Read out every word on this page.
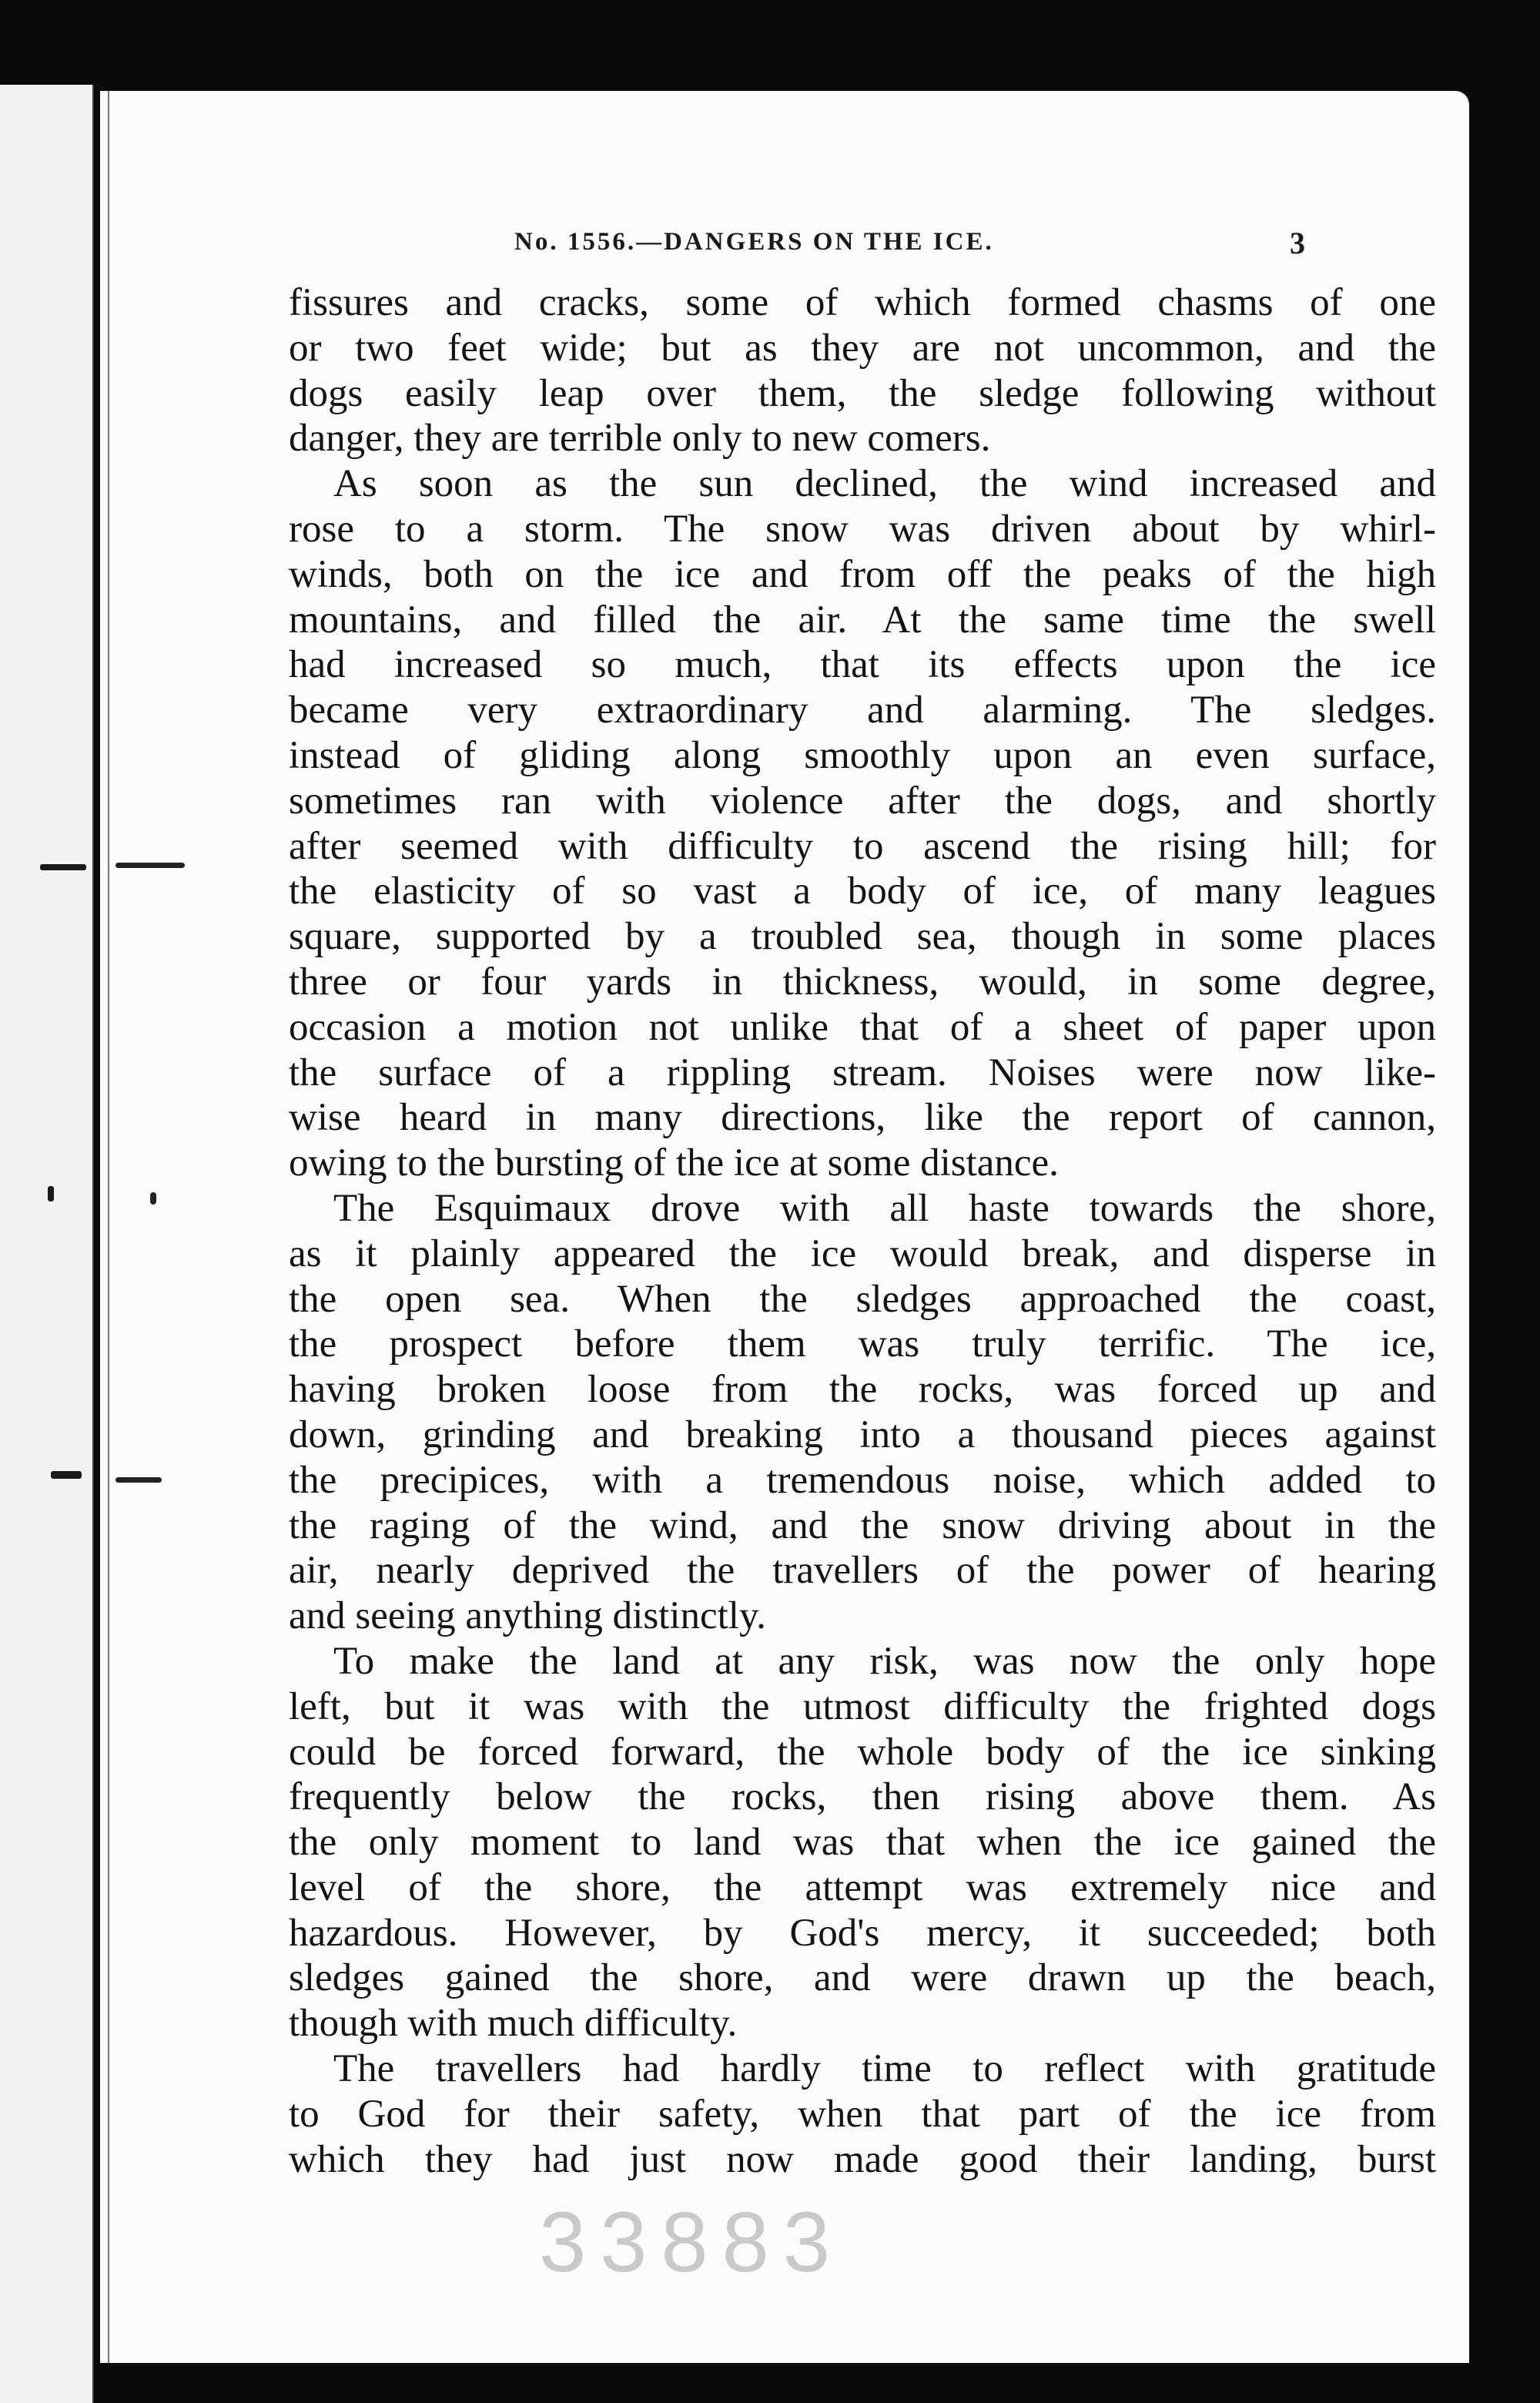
No. 1556.—DANGERS ON THE ICE.	3
fissures and cracks, some of which formed chasms of one
or two feet wide; but as they are not uncommon, and the
dogs easily leap over them, the sledge following without
danger, they are terrible only to new comers.
As soon as the sun declined, the wind increased and
rose to a storm. The snow was driven about by whirl-
winds, both on the ice and from off the peaks of the high
mountains, and filled the air. At the same time the swell
had increased so much, that its effects upon the ice
became very extraordinary and alarming. The sledges.
instead of gliding along smoothly upon an even surface,
sometimes ran with violence after the dogs, and shortly
after seemed with difficulty to ascend the rising hill; for
the elasticity of so vast a body of ice, of many leagues
square, supported by a troubled sea, though in some places
three or four yards in thickness, would, in some degree,
occasion a motion not unlike that of a sheet of paper upon
the surface of a rippling stream. Noises were now like-
wise heard in many directions, like the report of cannon,
owing to the bursting of the ice at some distance.
The Esquimaux drove with all haste towards the shore,
as it plainly appeared the ice would break, and disperse in
the open sea. When the sledges approached the coast,
the prospect before them was truly terrific. The ice,
having broken loose from the rocks, was forced up and
down, grinding and breaking into a thousand pieces against
the precipices, with a tremendous noise, which added to
the raging of the wind, and the snow driving about in the
air, nearly deprived the travellers of the power of hearing
and seeing anything distinctly.
To make the land at any risk, was now the only hope
left, but it was with the utmost difficulty the frighted dogs
could be forced forward, the whole body of the ice sinking
frequently below the rocks, then rising above them. As
the only moment to land was that when the ice gained the
level of the shore, the attempt was extremely nice and
hazardous. However, by God's mercy, it succeeded; both
sledges gained the shore, and were drawn up the beach,
though with much difficulty.
The travellers had hardly time to reflect with gratitude
to God for their safety, when that part of the ice from
which they had just now made good their landing, burst
33883
